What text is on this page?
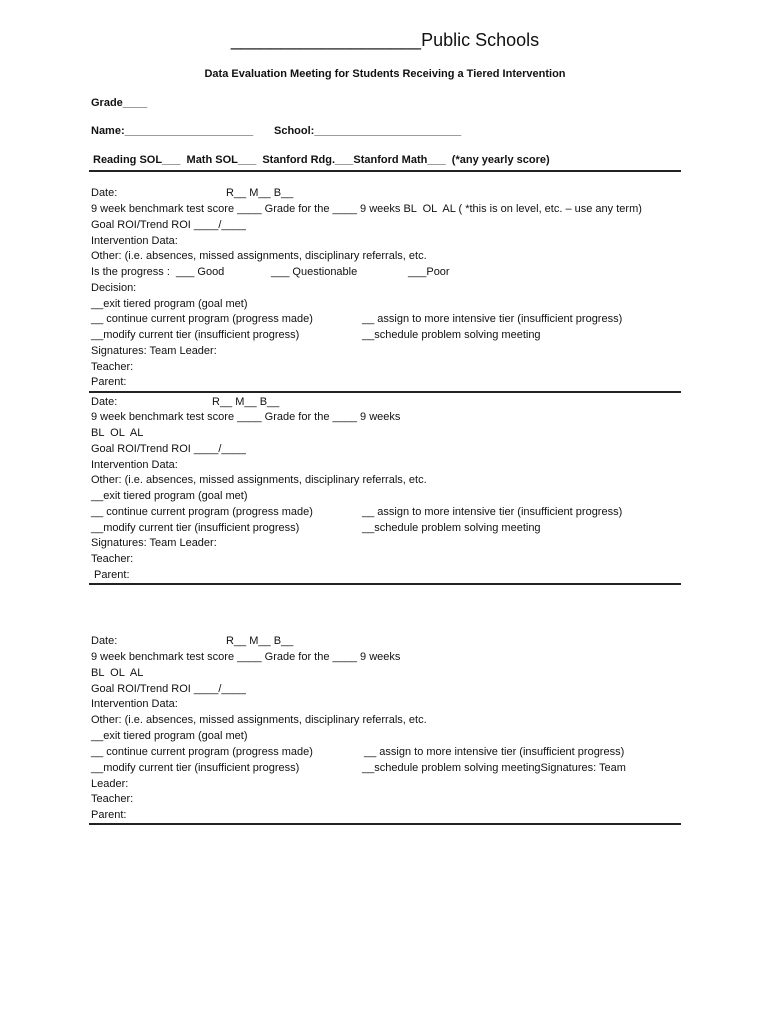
___________________Public Schools
Data Evaluation Meeting for Students Receiving a Tiered Intervention
Grade____
Name:_____________________ School:________________________
Reading SOL___  Math SOL___  Stanford Rdg.___Stanford Math___  (*any yearly score)
Date:	R__ M__ B__
9 week benchmark test score ____ Grade for the ____ 9 weeks BL  OL  AL ( *this is on level, etc. – use any term)
Goal ROI/Trend ROI ____/____
Intervention Data:
Other: (i.e. absences, missed assignments, disciplinary referrals, etc.
Is the progress :  ___ Good	___ Questionable	___Poor
Decision:
__exit tiered program (goal met)
__ continue current program (progress made)	__ assign to more intensive tier (insufficient progress)
__modify current tier (insufficient progress)	__schedule problem solving meeting
Signatures: Team Leader:
Teacher:
Parent:
Date:	R__ M__ B__
9 week benchmark test score ____ Grade for the ____ 9 weeks
BL  OL  AL
Goal ROI/Trend ROI ____/____
Intervention Data:
Other: (i.e. absences, missed assignments, disciplinary referrals, etc.
__exit tiered program (goal met)
__ continue current program (progress made)	__ assign to more intensive tier (insufficient progress)
__modify current tier (insufficient progress)	__schedule problem solving meeting
Signatures: Team Leader:
Teacher:
Parent:
Date:	R__ M__ B__
9 week benchmark test score ____ Grade for the ____ 9 weeks
BL  OL  AL
Goal ROI/Trend ROI ____/____
Intervention Data:
Other: (i.e. absences, missed assignments, disciplinary referrals, etc.
__exit tiered program (goal met)
__ continue current program (progress made)	__ assign to more intensive tier (insufficient progress)
__modify current tier (insufficient progress)	__schedule problem solving meetingSignatures: Team
Leader:
Teacher:
Parent:
